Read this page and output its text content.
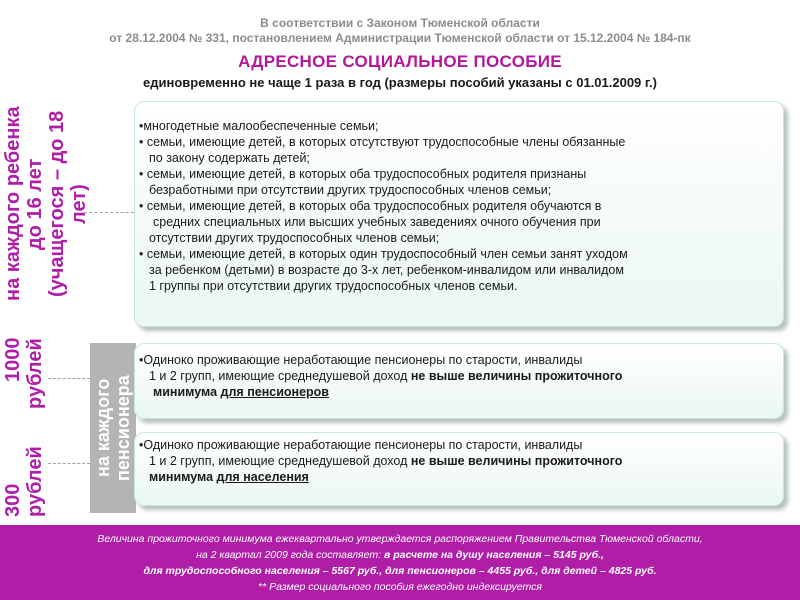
В соответствии с Законом Тюменской области
от 28.12.2004 № 331, постановлением Администрации Тюменской области от 15.12.2004 № 184-пк
АДРЕСНОЕ СОЦИАЛЬНОЕ ПОСОБИЕ
единовременно не чаще 1 раза в год (размеры пособий указаны с 01.01.2009 г.)
на каждого ребенка до 16 лет (учащегося – до 18 лет)
1000 рублей
300 рублей
на каждого
пенсионера
•многодетные малообеспеченные семьи;
• семьи, имеющие детей, в которых отсутствуют трудоспособные члены обязанные
по закону содержать детей;
• семьи, имеющие детей, в которых оба трудоспособных родителя признаны
безработными при отсутствии других трудоспособных членов семьи;
• семьи, имеющие детей, в которых оба трудоспособных родителя обучаются в
средних специальных или высших учебных заведениях очного обучения при
отсутствии других трудоспособных членов семьи;
• семьи, имеющие детей, в которых один трудоспособный член семьи занят уходом
за ребенком (детьми) в возрасте до 3-х лет, ребенком-инвалидом или инвалидом
1 группы при отсутствии других трудоспособных членов семьи.
•Одиноко проживающие неработающие пенсионеры по старости, инвалиды
1 и 2 групп, имеющие среднедушевой доход не выше величины прожиточного
минимума для пенсионеров
•Одиноко проживающие неработающие пенсионеры по старости, инвалиды
1 и 2 групп, имеющие среднедушевой доход не выше величины прожиточного
минимума для населения
Величина прожиточного минимума ежеквартально утверждается распоряжением Правительства Тюменской области,
на 2 квартал 2009 года составляет: в расчете на душу населения – 5145 руб.,
для трудоспособного населения – 5567 руб., для пенсионеров – 4455 руб., для детей – 4825 руб.
** Размер социального пособия ежегодно индексируется
